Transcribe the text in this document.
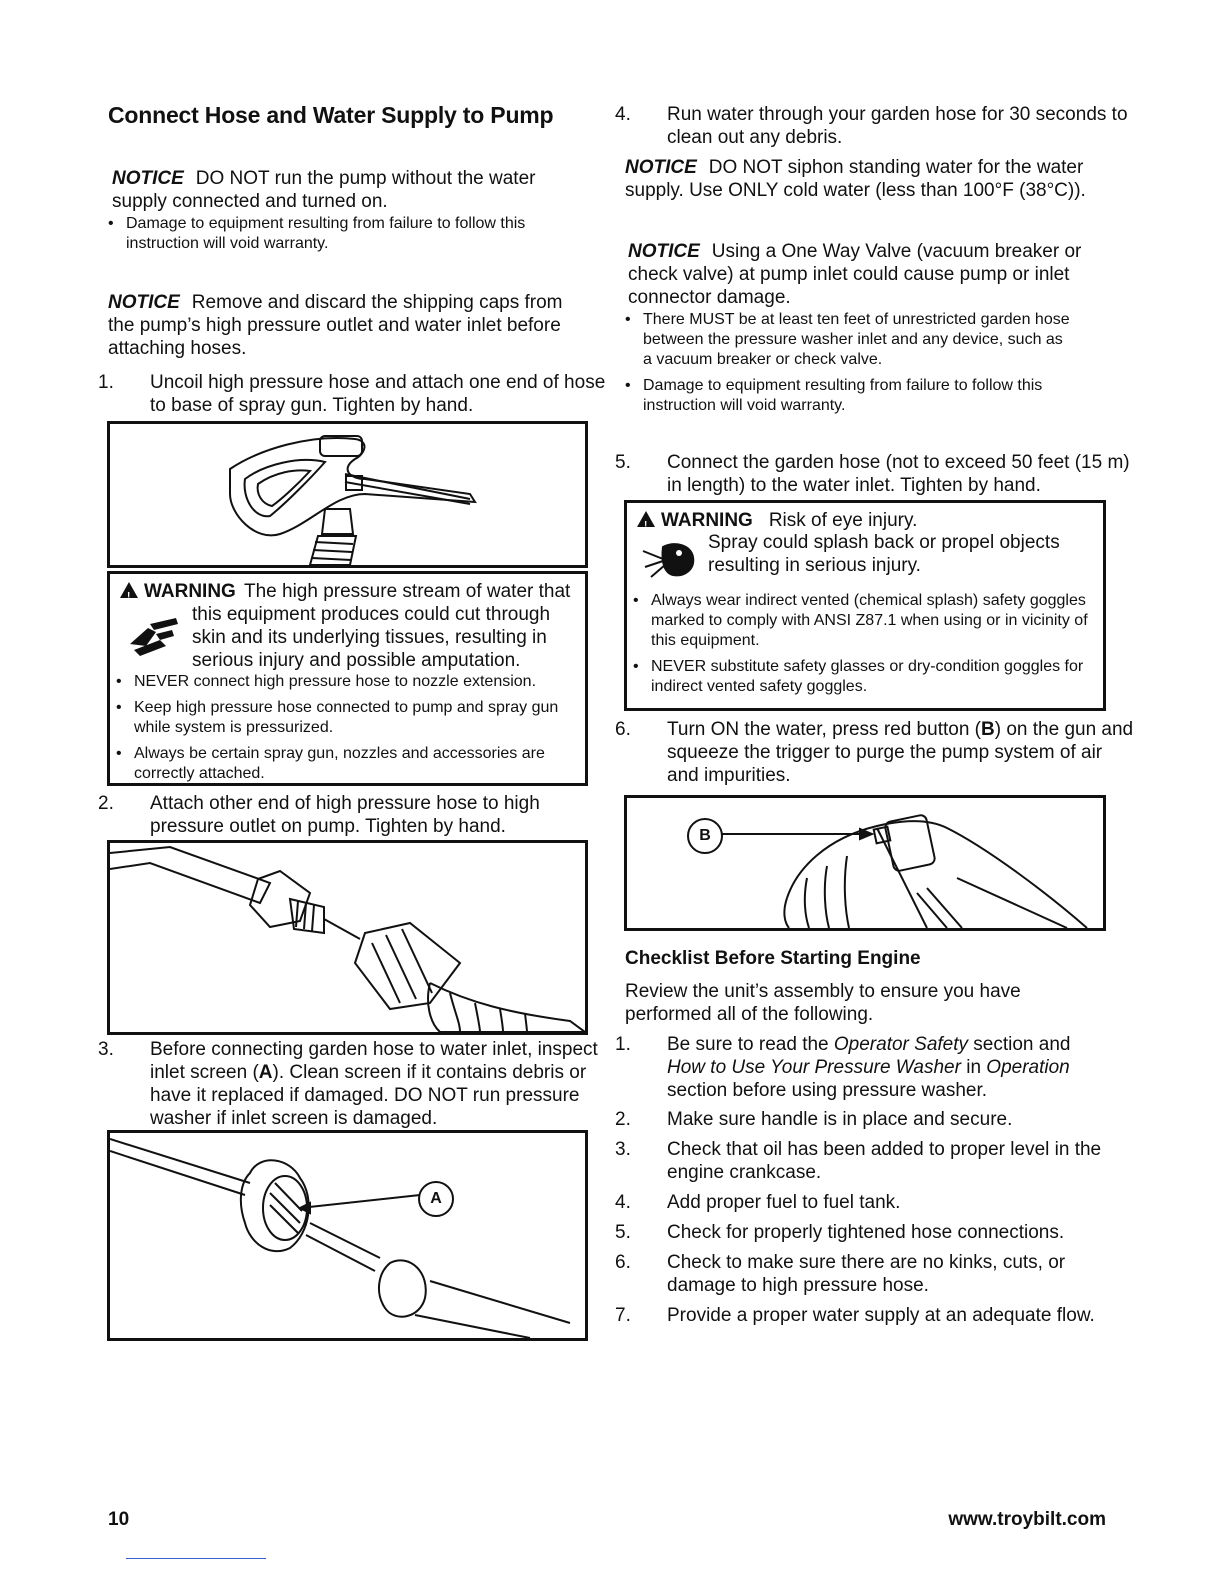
Connect Hose and Water Supply to Pump
NOTICE DO NOT run the pump without the water supply connected and turned on.
• Damage to equipment resulting from failure to follow this instruction will void warranty.
NOTICE Remove and discard the shipping caps from the pump’s high pressure outlet and water inlet before attaching hoses.
1. Uncoil high pressure hose and attach one end of hose to base of spray gun. Tighten by hand.
!WARNING The high pressure stream of water that this equipment produces could cut through skin and its underlying tissues, resulting in serious injury and possible amputation.
• NEVER connect high pressure hose to nozzle extension.
• Keep high pressure hose connected to pump and spray gun while system is pressurized.
• Always be certain spray gun, nozzles and accessories are correctly attached.
2. Attach other end of high pressure hose to high pressure outlet on pump. Tighten by hand.
3. Before connecting garden hose to water inlet, inspect inlet screen (A). Clean screen if it contains debris or have it replaced if damaged. DO NOT run pressure washer if inlet screen is damaged.
A
4. Run water through your garden hose for 30 seconds to clean out any debris.
NOTICE DO NOT siphon standing water for the water supply. Use ONLY cold water (less than 100°F (38°C)).
NOTICE Using a One Way Valve (vacuum breaker or check valve) at pump inlet could cause pump or inlet connector damage.
• There MUST be at least ten feet of unrestricted garden hose between the pressure washer inlet and any device, such as a vacuum breaker or check valve.
• Damage to equipment resulting from failure to follow this instruction will void warranty.
5. Connect the garden hose (not to exceed 50 feet (15 m) in length) to the water inlet. Tighten by hand.
!WARNING Risk of eye injury.
Spray could splash back or propel objects resulting in serious injury.
• Always wear indirect vented (chemical splash) safety goggles marked to comply with ANSI Z87.1 when using or in vicinity of this equipment.
• NEVER substitute safety glasses or dry-condition goggles for indirect vented safety goggles.
6. Turn ON the water, press red button (B) on the gun and squeeze the trigger to purge the pump system of air and impurities.
B
Checklist Before Starting Engine
Review the unit’s assembly to ensure you have performed all of the following.
1. Be sure to read the Operator Safety section and How to Use Your Pressure Washer in Operation section before using pressure washer.
2. Make sure handle is in place and secure.
3. Check that oil has been added to proper level in the engine crankcase.
4. Add proper fuel to fuel tank.
5. Check for properly tightened hose connections.
6. Check to make sure there are no kinks, cuts, or damage to high pressure hose.
7. Provide a proper water supply at an adequate flow.
10	www.troybilt.com
